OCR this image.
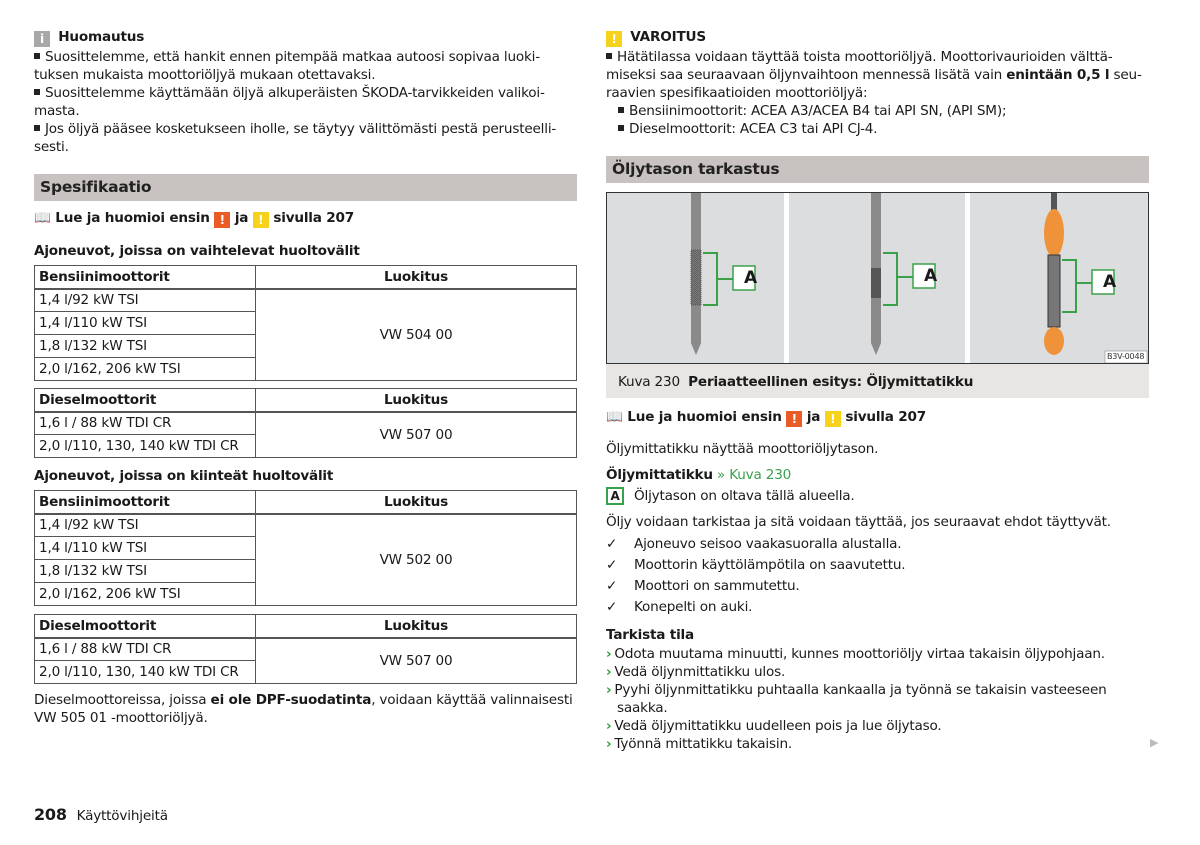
i Huomautus
Suosittelemme, että hankit ennen pitempää matkaa autoosi sopivaa luoki-
tuksen mukaista moottoriöljyä mukaan otettavaksi.
Suosittelemme käyttämään öljyä alkuperäisten ŠKODA-tarvikkeiden valikoi-
masta.
Jos öljyä pääsee kosketukseen iholle, se täytyy välittömästi pestä perusteelli-
sesti.
Spesifikaatio
📖 Lue ja huomioi ensin ! ja ! sivulla 207
Ajoneuvot, joissa on vaihtelevat huoltovälit
Bensiinimoottorit	Luokitus
1,4 l/92 kW TSI	VW 504 00
1,4 l/110 kW TSI	
1,8 l/132 kW TSI	
2,0 l/162, 206 kW TSI	
Dieselmoottorit	Luokitus
1,6 l / 88 kW TDI CR	VW 507 00
2,0 l/110, 130, 140 kW TDI CR	
Ajoneuvot, joissa on kiinteät huoltovälit
Bensiinimoottorit	Luokitus
1,4 l/92 kW TSI	VW 502 00
1,4 l/110 kW TSI	
1,8 l/132 kW TSI	
2,0 l/162, 206 kW TSI	
Dieselmoottorit	Luokitus
1,6 l / 88 kW TDI CR	VW 507 00
2,0 l/110, 130, 140 kW TDI CR	
Dieselmoottoreissa, joissa ei ole DPF-suodatinta, voidaan käyttää valinnaisesti
VW 505 01 -moottoriöljyä.
208 Käyttövihjeitä
! VAROITUS
Hätätilassa voidaan täyttää toista moottoriöljyä. Moottorivaurioiden välttä-
miseksi saa seuraavaan öljynvaihtoon mennessä lisätä vain enintään 0,5 l seu-
raavien spesifikaatioiden moottoriöljyä:
Bensiinimoottorit: ACEA A3/ACEA B4 tai API SN, (API SM);
Dieselmoottorit: ACEA C3 tai API CJ-4.
Öljytason tarkastus
A	A	A
B3V-0048
Kuva 230 Periaatteellinen esitys: Öljymittatikku
📖 Lue ja huomioi ensin ! ja ! sivulla 207
Öljymittatikku näyttää moottoriöljytason.
Öljymittatikku » Kuva 230
A Öljytason on oltava tällä alueella.
Öljy voidaan tarkistaa ja sitä voidaan täyttää, jos seuraavat ehdot täyttyvät.
✓ Ajoneuvo seisoo vaakasuoralla alustalla.
✓ Moottorin käyttölämpötila on saavutettu.
✓ Moottori on sammutettu.
✓ Konepelti on auki.
Tarkista tila
› Odota muutama minuutti, kunnes moottoriöljy virtaa takaisin öljypohjaan.
› Vedä öljynmittatikku ulos.
› Pyyhi öljynmittatikku puhtaalla kankaalla ja työnnä se takaisin vasteeseen
saakka.
› Vedä öljymittatikku uudelleen pois ja lue öljytaso.
› Työnnä mittatikku takaisin.	▶
